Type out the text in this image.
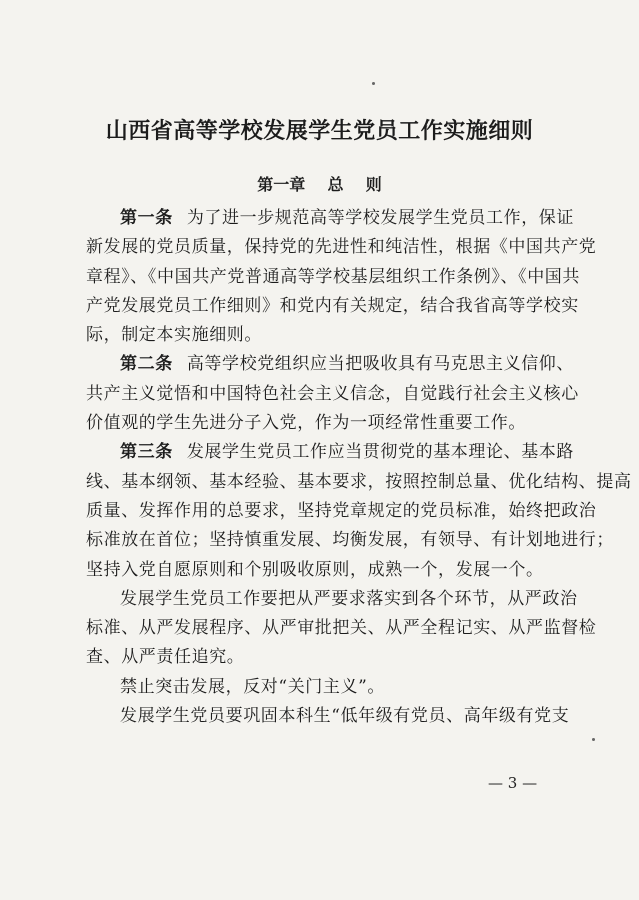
山西省高等学校发展学生党员工作实施细则
第一章    总    则
第一条 为了进一步规范高等学校发展学生党员工作，保证
新发展的党员质量，保持党的先进性和纯洁性，根据《中国共产党
章程》、《中国共产党普通高等学校基层组织工作条例》、《中国共
产党发展党员工作细则》和党内有关规定，结合我省高等学校实
际，制定本实施细则。
第二条 高等学校党组织应当把吸收具有马克思主义信仰、
共产主义觉悟和中国特色社会主义信念，自觉践行社会主义核心
价值观的学生先进分子入党，作为一项经常性重要工作。
第三条 发展学生党员工作应当贯彻党的基本理论、基本路
线、基本纲领、基本经验、基本要求，按照控制总量、优化结构、提高
质量、发挥作用的总要求，坚持党章规定的党员标准，始终把政治
标准放在首位；坚持慎重发展、均衡发展，有领导、有计划地进行；
坚持入党自愿原则和个别吸收原则，成熟一个，发展一个。
发展学生党员工作要把从严要求落实到各个环节，从严政治
标准、从严发展程序、从严审批把关、从严全程记实、从严监督检
查、从严责任追究。
禁止突击发展，反对“关门主义”。
发展学生党员要巩固本科生“低年级有党员、高年级有党支
— 3 —
